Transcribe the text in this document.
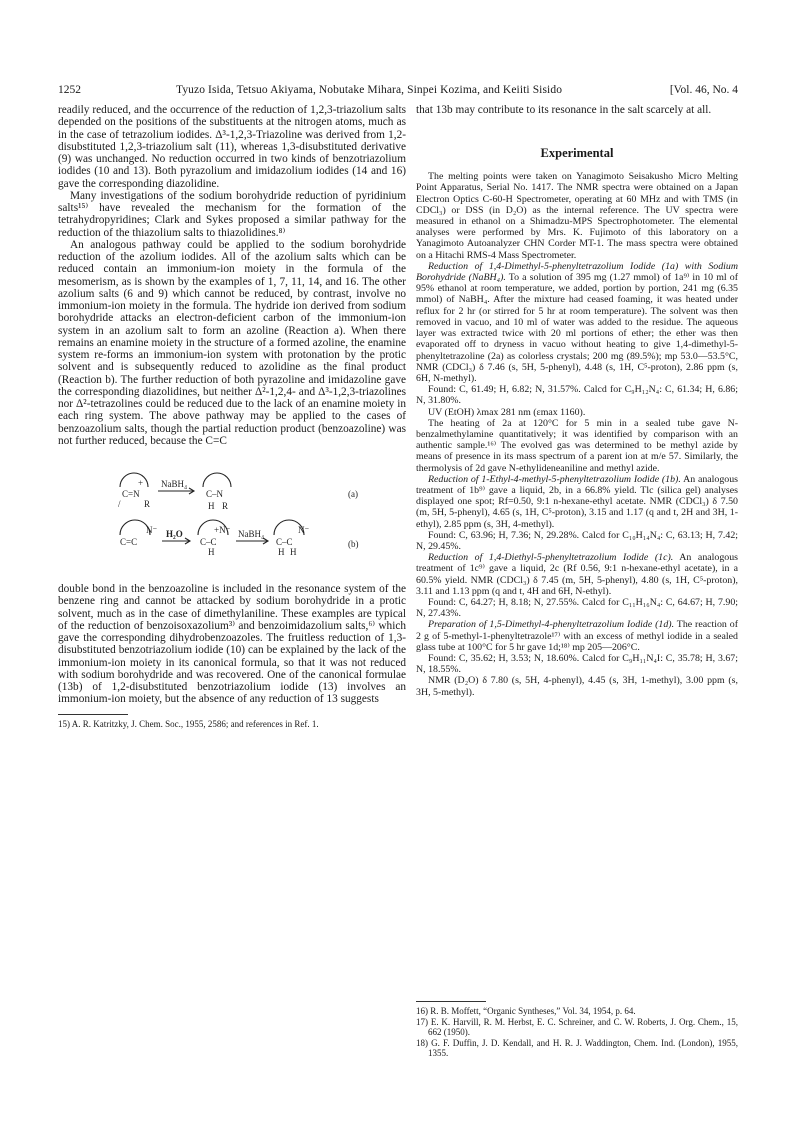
1252	Tyuzo Isida, Tetsuo Akiyama, Nobutake Mihara, Sinpei Kozima, and Keiiti Sisido	[Vol. 46, No. 4

readily reduced, and the occurrence of the reduction of 1,2,3-triazolium salts depended on the positions of the substituents at the nitrogen atoms, much as in the case of tetrazolium iodides. Δ³-1,2,3-Triazoline was derived from 1,2-disubstituted 1,2,3-triazolium salt (11), whereas 1,3-disubstituted derivative (9) was unchanged. No reduction occurred in two kinds of benzotriazolium iodides (10 and 13). Both pyrazolium and imidazolium iodides (14 and 16) gave the corresponding diazolidine.

Many investigations of the sodium borohydride reduction of pyridinium salts¹⁵⁾ have revealed the mechanism for the formation of the tetrahydropyridines; Clark and Sykes proposed a similar pathway for the reduction of the thiazolium salts to thiazolidines.⁸⁾

An analogous pathway could be applied to the sodium borohydride reduction of the azolium iodides. All of the azolium salts which can be reduced contain an immonium-ion moiety in the formula of the mesomerism, as is shown by the examples of 1, 7, 11, 14, and 16. The other azolium salts (6 and 9) which cannot be reduced, by contrast, involve no immonium-ion moiety in the formula. The hydride ion derived from sodium borohydride attacks an electron-deficient carbon of the immonium-ion system in an azolium salt to form an azoline (Reaction a). When there remains an enamine moiety in the structure of a formed azoline, the enamine system re-forms an immonium-ion system with protonation by the protic solvent and is subsequently reduced to azolidine as the final product (Reaction b). The further reduction of both pyrazoline and imidazoline gave the corresponding diazolidines, but neither Δ²-1,2,4- and Δ³-1,2,3-triazolines nor Δ²-tetrazolines could be reduced due to the lack of an enamine moiety in each ring system. The above pathway may be applied to the cases of benzoazolium salts, though the partial reduction product (benzoazoline) was not further reduced, because the C=C

C=N
+
/	R
C–N
H R
C=C
N⁻
C–C
+N⁻
H
C–C
N⁻
H H
NaBH₄
(a)
H₂O	NaBH₄
(b)

double bond in the benzoazoline is included in the resonance system of the benzene ring and cannot be attacked by sodium borohydride in a protic solvent, much as in the case of dimethylaniline. These examples are typical of the reduction of benzoisoxazolium³⁾ and benzoimidazolium salts,⁶⁾ which gave the corresponding dihydrobenzoazoles. The fruitless reduction of 1,3-disubstituted benzotriazolium iodide (10) can be explained by the lack of the immonium-ion moiety in its canonical formula, so that it was not reduced with sodium borohydride and was recovered. One of the canonical formulae (13b) of 1,2-disubstituted benzotriazolium iodide (13) involves an immonium-ion moiety, but the absence of any reduction of 13 suggests

15) A. R. Katritzky, J. Chem. Soc., 1955, 2586; and references in Ref. 1.

that 13b may contribute to its resonance in the salt scarcely at all.

Experimental

The melting points were taken on Yanagimoto Seisakusho Micro Melting Point Apparatus, Serial No. 1417. The NMR spectra were obtained on a Japan Electron Optics C-60-H Spectrometer, operating at 60 MHz and with TMS (in CDCl₃) or DSS (in D₂O) as the internal reference. The UV spectra were measured in ethanol on a Shimadzu-MPS Spectrophotometer. The elemental analyses were performed by Mrs. K. Fujimoto of this laboratory on a Yanagimoto Autoanalyzer CHN Corder MT-1. The mass spectra were obtained on a Hitachi RMS-4 Mass Spectrometer.

Reduction of 1,4-Dimethyl-5-phenyltetrazolium Iodide (1a) with Sodium Borohydride (NaBH₄). To a solution of 395 mg (1.27 mmol) of 1a⁹⁾ in 10 ml of 95% ethanol at room temperature, we added, portion by portion, 241 mg (6.35 mmol) of NaBH₄. After the mixture had ceased foaming, it was heated under reflux for 2 hr (or stirred for 5 hr at room temperature). The solvent was then removed in vacuo, and 10 ml of water was added to the residue. The aqueous layer was extracted twice with 20 ml portions of ether; the ether was then evaporated off to dryness in vacuo without heating to give 1,4-dimethyl-5-phenyltetrazoline (2a) as colorless crystals; 200 mg (89.5%); mp 53.0—53.5°C, NMR (CDCl₃) δ 7.46 (s, 5H, 5-phenyl), 4.48 (s, 1H, C⁵-proton), 2.86 ppm (s, 6H, N-methyl).

Found: C, 61.49; H, 6.82; N, 31.57%. Calcd for C₉H₁₂N₄: C, 61.34; H, 6.86; N, 31.80%.

UV (EtOH) λmax 281 nm (εmax 1160).

The heating of 2a at 120°C for 5 min in a sealed tube gave N-benzalmethylamine quantitatively; it was identified by comparison with an authentic sample.¹⁶⁾ The evolved gas was determined to be methyl azide by means of presence in its mass spectrum of a parent ion at m/e 57. Similarly, the thermolysis of 2d gave N-ethylideneaniline and methyl azide.

Reduction of 1-Ethyl-4-methyl-5-phenyltetrazolium Iodide (1b). An analogous treatment of 1b⁹⁾ gave a liquid, 2b, in a 66.8% yield. Tlc (silica gel) analyses displayed one spot; Rf=0.50, 9:1 n-hexane-ethyl acetate. NMR (CDCl₃) δ 7.50 (m, 5H, 5-phenyl), 4.65 (s, 1H, C⁵-proton), 3.15 and 1.17 (q and t, 2H and 3H, 1-ethyl), 2.85 ppm (s, 3H, 4-methyl).

Found: C, 63.96; H, 7.36; N, 29.28%. Calcd for C₁₀H₁₄N₄: C, 63.13; H, 7.42; N, 29.45%.

Reduction of 1,4-Diethyl-5-phenyltetrazolium Iodide (1c). An analogous treatment of 1c⁹⁾ gave a liquid, 2c (Rf 0.56, 9:1 n-hexane-ethyl acetate), in a 60.5% yield. NMR (CDCl₃) δ 7.45 (m, 5H, 5-phenyl), 4.80 (s, 1H, C⁵-proton), 3.11 and 1.13 ppm (q and t, 4H and 6H, N-ethyl).

Found: C, 64.27; H, 8.18; N, 27.55%. Calcd for C₁₁H₁₆N₄: C, 64.67; H, 7.90; N, 27.43%.

Preparation of 1,5-Dimethyl-4-phenyltetrazolium Iodide (1d). The reaction of 2 g of 5-methyl-1-phenyltetrazole¹⁷⁾ with an excess of methyl iodide in a sealed glass tube at 100°C for 5 hr gave 1d;¹⁸⁾ mp 205—206°C.

Found: C, 35.62; H, 3.53; N, 18.60%. Calcd for C₉H₁₁N₄I: C, 35.78; H, 3.67; N, 18.55%.

NMR (D₂O) δ 7.80 (s, 5H, 4-phenyl), 4.45 (s, 3H, 1-methyl), 3.00 ppm (s, 3H, 5-methyl).

16) R. B. Moffett, “Organic Syntheses,” Vol. 34, 1954, p. 64.
17) E. K. Harvill, R. M. Herbst, E. C. Schreiner, and C. W. Roberts, J. Org. Chem., 15, 662 (1950).
18) G. F. Duffin, J. D. Kendall, and H. R. J. Waddington, Chem. Ind. (London), 1955, 1355.
